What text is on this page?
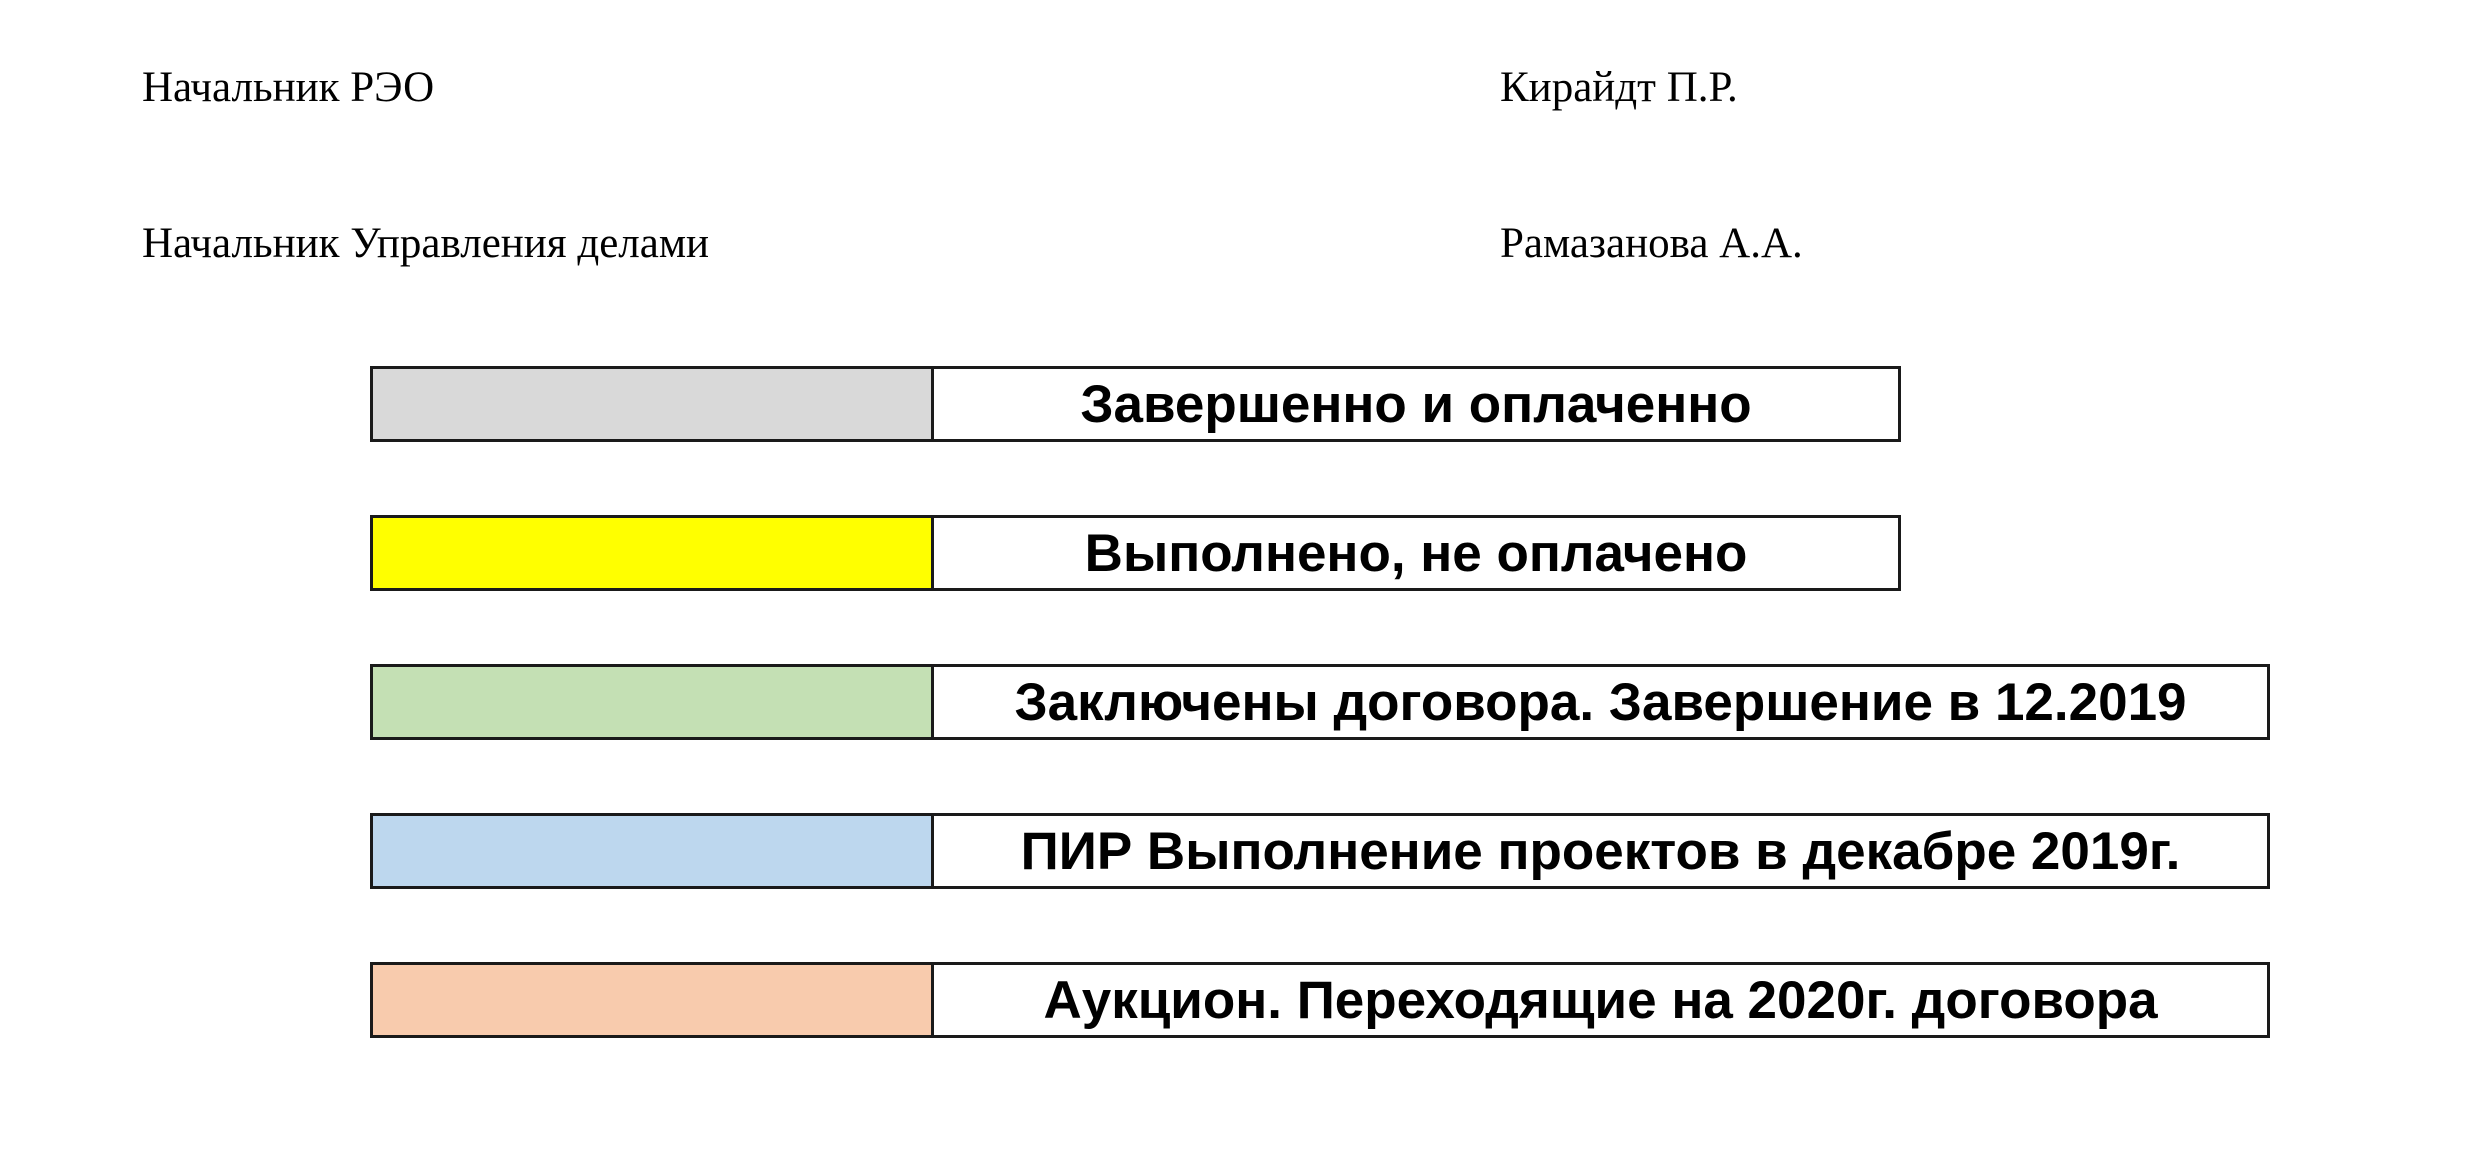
Начальник РЭО	Кирайдт П.Р.
Начальник Управления делами	Рамазанова А.А.
Завершенно и оплаченно
Выполнено, не оплачено
Заключены договора. Завершение в 12.2019
ПИР Выполнение проектов в декабре 2019г.
Аукцион. Переходящие на 2020г. договора
